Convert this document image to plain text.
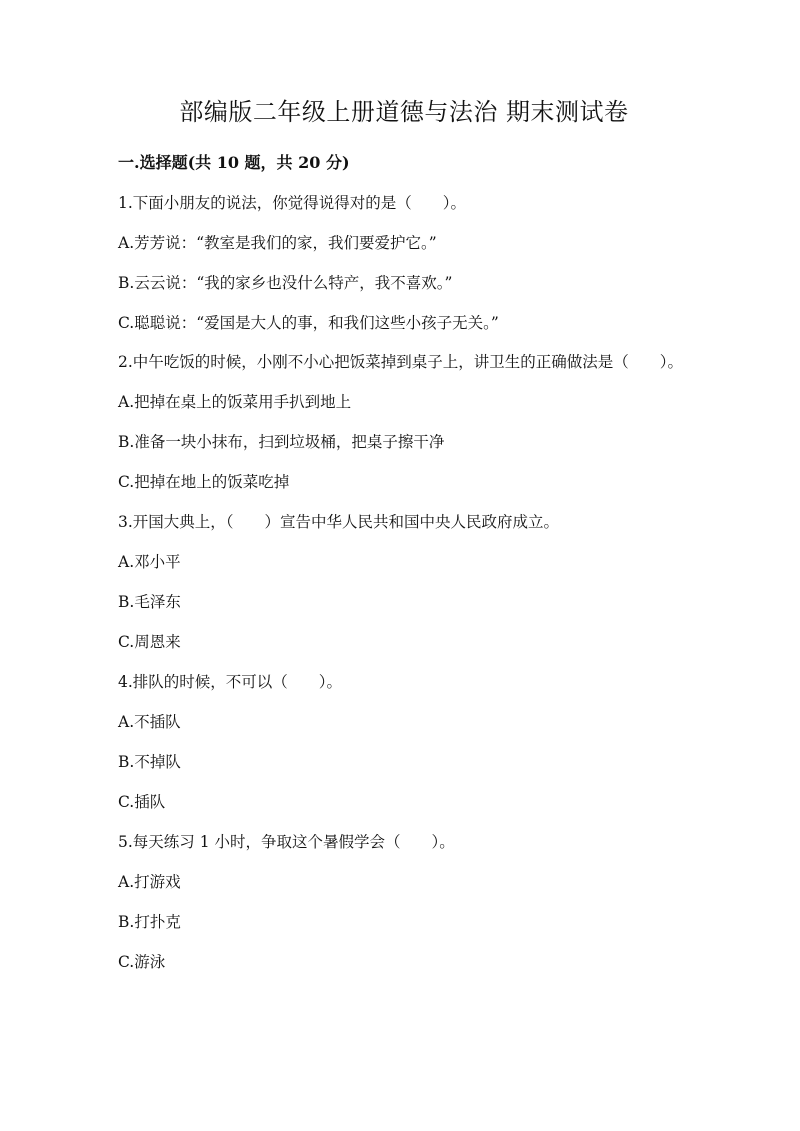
部编版二年级上册道德与法治 期末测试卷
一.选择题(共 10 题，共 20 分)
1.下面小朋友的说法，你觉得说得对的是（　　）。
A.芳芳说：“教室是我们的家，我们要爱护它。”
B.云云说：“我的家乡也没什么特产，我不喜欢。”
C.聪聪说：“爱国是大人的事，和我们这些小孩子无关。”
2.中午吃饭的时候，小刚不小心把饭菜掉到桌子上，讲卫生的正确做法是（　　）。
A.把掉在桌上的饭菜用手扒到地上
B.准备一块小抹布，扫到垃圾桶，把桌子擦干净
C.把掉在地上的饭菜吃掉
3.开国大典上，（　　）宣告中华人民共和国中央人民政府成立。
A.邓小平
B.毛泽东
C.周恩来
4.排队的时候，不可以（　　）。
A.不插队
B.不掉队
C.插队
5.每天练习 1 小时，争取这个暑假学会（　　）。
A.打游戏
B.打扑克
C.游泳
